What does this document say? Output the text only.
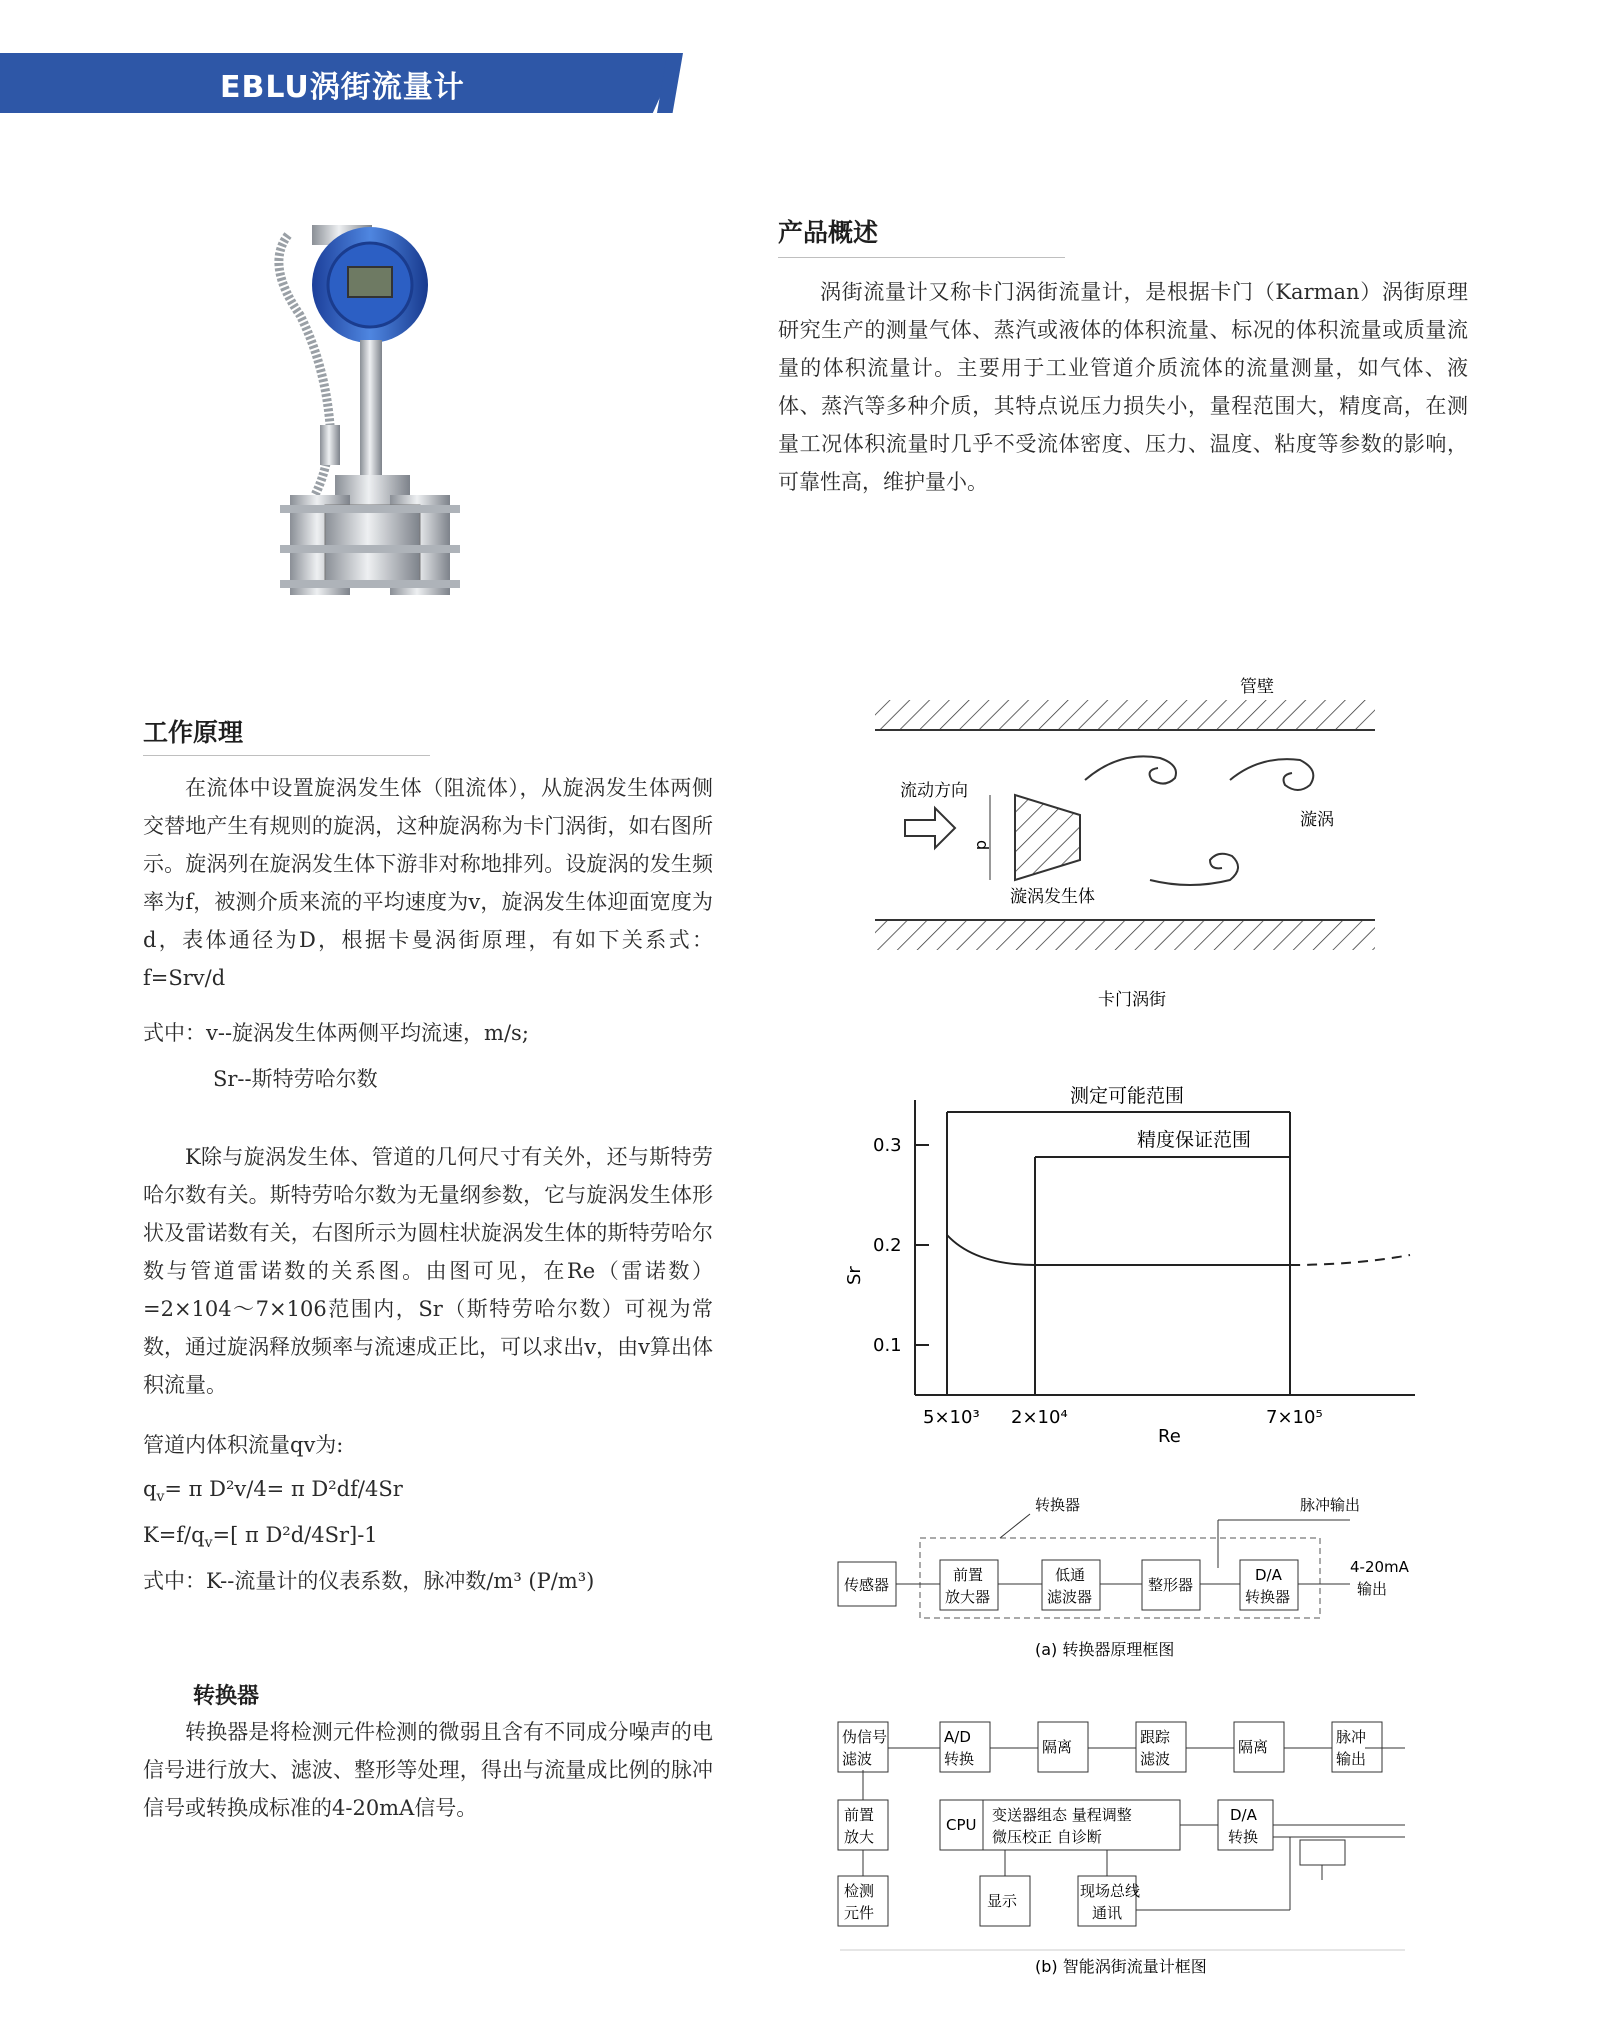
EBLU涡街流量计
产品概述

涡街流量计又称卡门涡街流量计，是根据卡门（Karman）涡街原理研究生产的测量气体、蒸汽或液体的体积流量、标况的体积流量或质量流量的体积流量计。主要用于工业管道介质流体的流量测量，如气体、液体、蒸汽等多种介质，其特点说压力损失小，量程范围大，精度高，在测量工况体积流量时几乎不受流体密度、压力、温度、粘度等参数的影响，可靠性高，维护量小。

工作原理

在流体中设置旋涡发生体（阻流体），从旋涡发生体两侧交替地产生有规则的旋涡，这种旋涡称为卡门涡街，如右图所示。旋涡列在旋涡发生体下游非对称地排列。设旋涡的发生频率为f，被测介质来流的平均速度为v，旋涡发生体迎面宽度为d，表体通径为D，根据卡曼涡街原理，有如下关系式：f=Srv/d

式中：v--旋涡发生体两侧平均流速，m/s;
Sr--斯特劳哈尔数

K除与旋涡发生体、管道的几何尺寸有关外，还与斯特劳哈尔数有关。斯特劳哈尔数为无量纲参数，它与旋涡发生体形状及雷诺数有关，右图所示为圆柱状旋涡发生体的斯特劳哈尔数与管道雷诺数的关系图。由图可见，在Re（雷诺数）=2×104～7×106范围内，Sr（斯特劳哈尔数）可视为常数，通过旋涡释放频率与流速成正比，可以求出v，由v算出体积流量。

管道内体积流量qv为:
$q_v= \pi$ D²v/4= π D²df/4Sr
$K=f/q_v=$[ π D²d/4Sr]-1
式中：K--流量计的仪表系数，脉冲数/m³ (P/m³)
转换器

转换器是将检测元件检测的微弱且含有不同成分噪声的电信号进行放大、滤波、整形等处理，得出与流量成比例的脉冲信号或转换成标准的4-20mA信号。

管壁
流动方向
d
漩涡发生体
漩涡
卡门涡街
0.3
0.2
0.1
5×10³ 2×10⁴	7×10⁵
Sr
Re
测定可能范围
精度保证范围
转换器	脉冲输出
传感器
前置
放大器
低通
滤波器
整形器
D/A
转换器
4-20mA
输出
(a) 转换器原理框图
伪信号
滤波
A/D
转换
隔离
跟踪
滤波
隔离
脉冲
输出
前置
放大
检测
元件
CPU
变送器组态 量程调整
微压校正 自诊断
D/A
转换
显示
现场总线
通讯
(b) 智能涡街流量计框图
